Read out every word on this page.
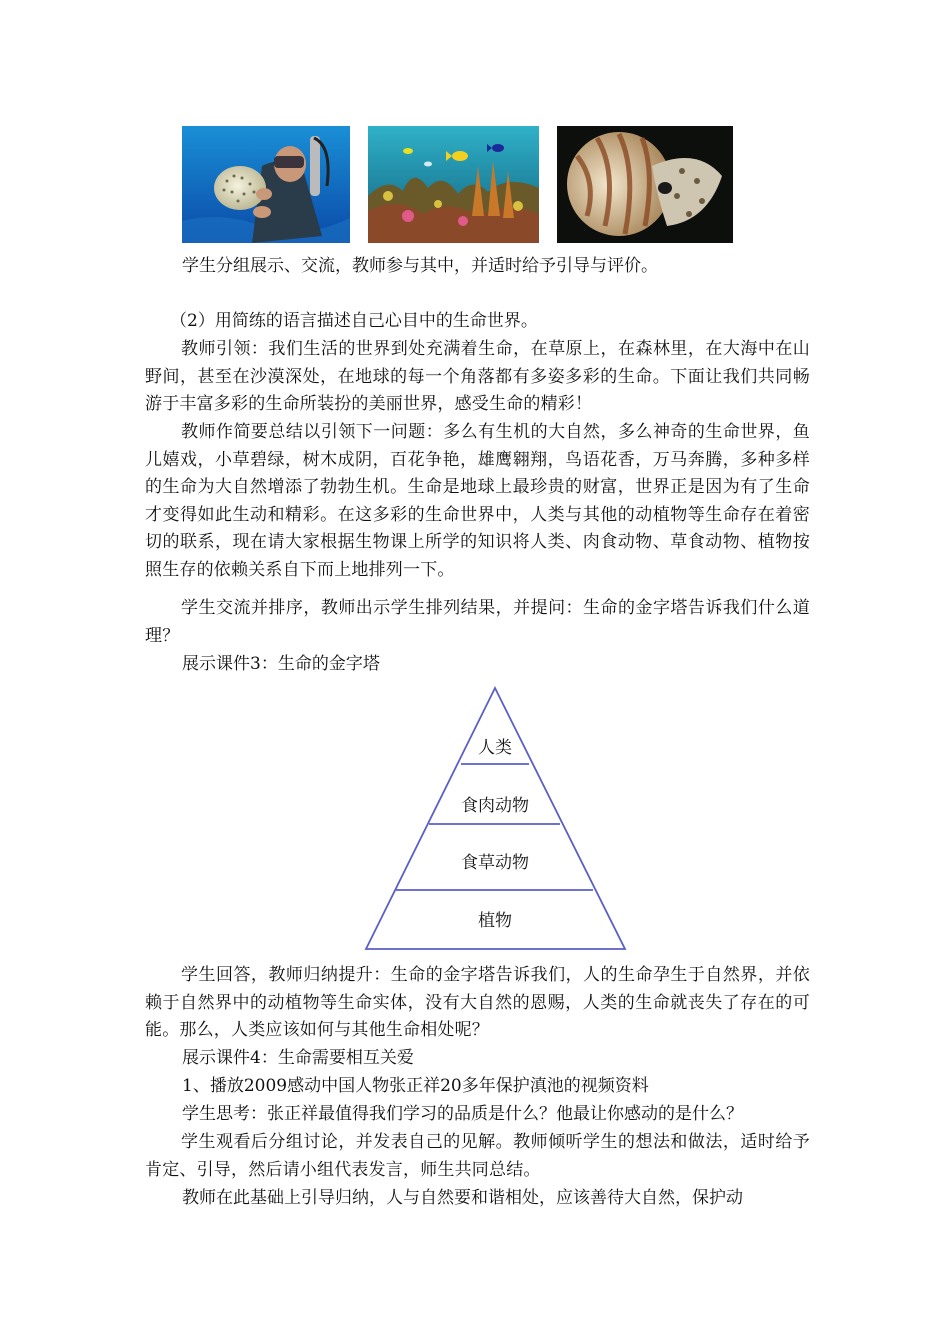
学生分组展示、交流，教师参与其中，并适时给予引导与评价。

（2）用简练的语言描述自己心目中的生命世界。

教师引领：我们生活的世界到处充满着生命，在草原上，在森林里，在大海中在山野间，甚至在沙漠深处，在地球的每一个角落都有多姿多彩的生命。下面让我们共同畅游于丰富多彩的生命所装扮的美丽世界，感受生命的精彩！

教师作简要总结以引领下一问题：多么有生机的大自然，多么神奇的生命世界，鱼儿嬉戏，小草碧绿，树木成阴，百花争艳，雄鹰翱翔，鸟语花香，万马奔腾，多种多样的生命为大自然增添了勃勃生机。生命是地球上最珍贵的财富，世界正是因为有了生命才变得如此生动和精彩。在这多彩的生命世界中，人类与其他的动植物等生命存在着密切的联系，现在请大家根据生物课上所学的知识将人类、肉食动物、草食动物、植物按照生存的依赖关系自下而上地排列一下。

学生交流并排序，教师出示学生排列结果，并提问：生命的金字塔告诉我们什么道理？

展示课件3：生命的金字塔

人类
食肉动物
食草动物
植物

学生回答，教师归纳提升：生命的金字塔告诉我们，人的生命孕生于自然界，并依赖于自然界中的动植物等生命实体，没有大自然的恩赐，人类的生命就丧失了存在的可能。那么，人类应该如何与其他生命相处呢？

展示课件4：生命需要相互关爱

1、播放2009感动中国人物张正祥20多年保护滇池的视频资料

学生思考：张正祥最值得我们学习的品质是什么？他最让你感动的是什么？

学生观看后分组讨论，并发表自己的见解。教师倾听学生的想法和做法，适时给予肯定、引导，然后请小组代表发言，师生共同总结。

教师在此基础上引导归纳，人与自然要和谐相处，应该善待大自然，保护动
